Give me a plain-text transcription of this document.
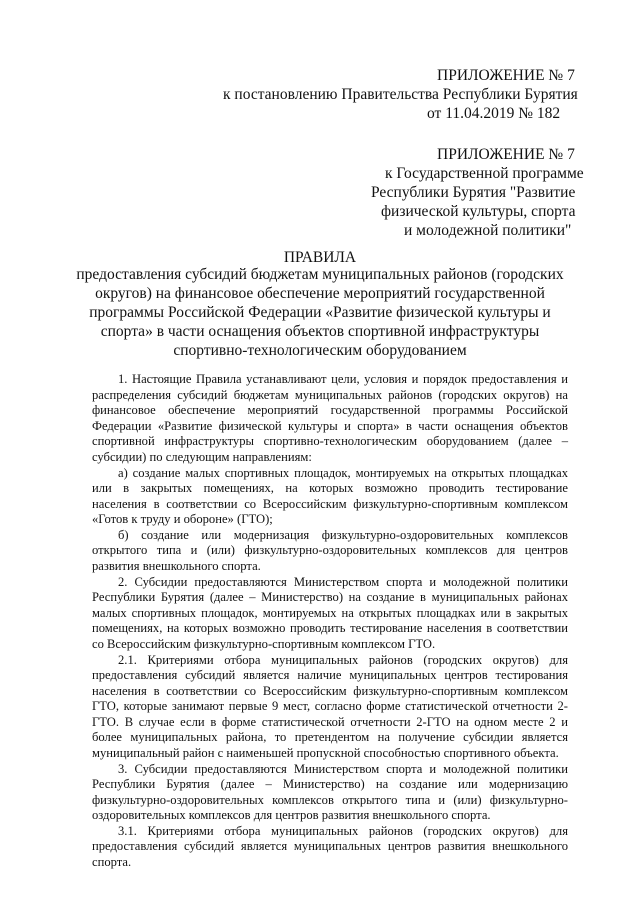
ПРИЛОЖЕНИЕ № 7
к постановлению Правительства Республики Бурятия
от 11.04.2019 № 182
ПРИЛОЖЕНИЕ № 7
к Государственной программе
Республики Бурятия "Развитие
физической культуры, спорта
и молодежной политики"
ПРАВИЛА
предоставления субсидий бюджетам муниципальных районов (городских
округов) на финансовое обеспечение мероприятий государственной
программы Российской Федерации «Развитие физической культуры и
спорта» в части оснащения объектов спортивной инфраструктуры
спортивно-технологическим оборудованием
1. Настоящие Правила устанавливают цели, условия и порядок предоставления и
распределения субсидий бюджетам муниципальных районов (городских округов) на
финансовое обеспечение мероприятий государственной программы Российской
Федерации «Развитие физической культуры и спорта» в части оснащения объектов
спортивной инфраструктуры спортивно-технологическим оборудованием (далее –
субсидии) по следующим направлениям:
а) создание малых спортивных площадок, монтируемых на открытых площадках
или в закрытых помещениях, на которых возможно проводить тестирование
населения в соответствии со Всероссийским физкультурно-спортивным комплексом
«Готов к труду и обороне» (ГТО);
б) создание или модернизация физкультурно-оздоровительных комплексов
открытого типа и (или) физкультурно-оздоровительных комплексов для центров
развития внешкольного спорта.
2. Субсидии предоставляются Министерством спорта и молодежной политики
Республики Бурятия (далее – Министерство) на создание в муниципальных районах
малых спортивных площадок, монтируемых на открытых площадках или в закрытых
помещениях, на которых возможно проводить тестирование населения в соответствии
со Всероссийским физкультурно-спортивным комплексом ГТО.
2.1. Критериями отбора муниципальных районов (городских округов) для
предоставления субсидий является наличие муниципальных центров тестирования
населения в соответствии со Всероссийским физкультурно-спортивным комплексом
ГТО, которые занимают первые 9 мест, согласно форме статистической отчетности 2-
ГТО. В случае если в форме статистической отчетности 2-ГТО на одном месте 2 и
более муниципальных района, то претендентом на получение субсидии является
муниципальный район с наименьшей пропускной способностью спортивного объекта.
3. Субсидии предоставляются Министерством спорта и молодежной политики
Республики Бурятия (далее – Министерство) на создание или модернизацию
физкультурно-оздоровительных комплексов открытого типа и (или) физкультурно-
оздоровительных комплексов для центров развития внешкольного спорта.
3.1. Критериями отбора муниципальных районов (городских округов) для
предоставления субсидий является муниципальных центров развития внешкольного
спорта.
